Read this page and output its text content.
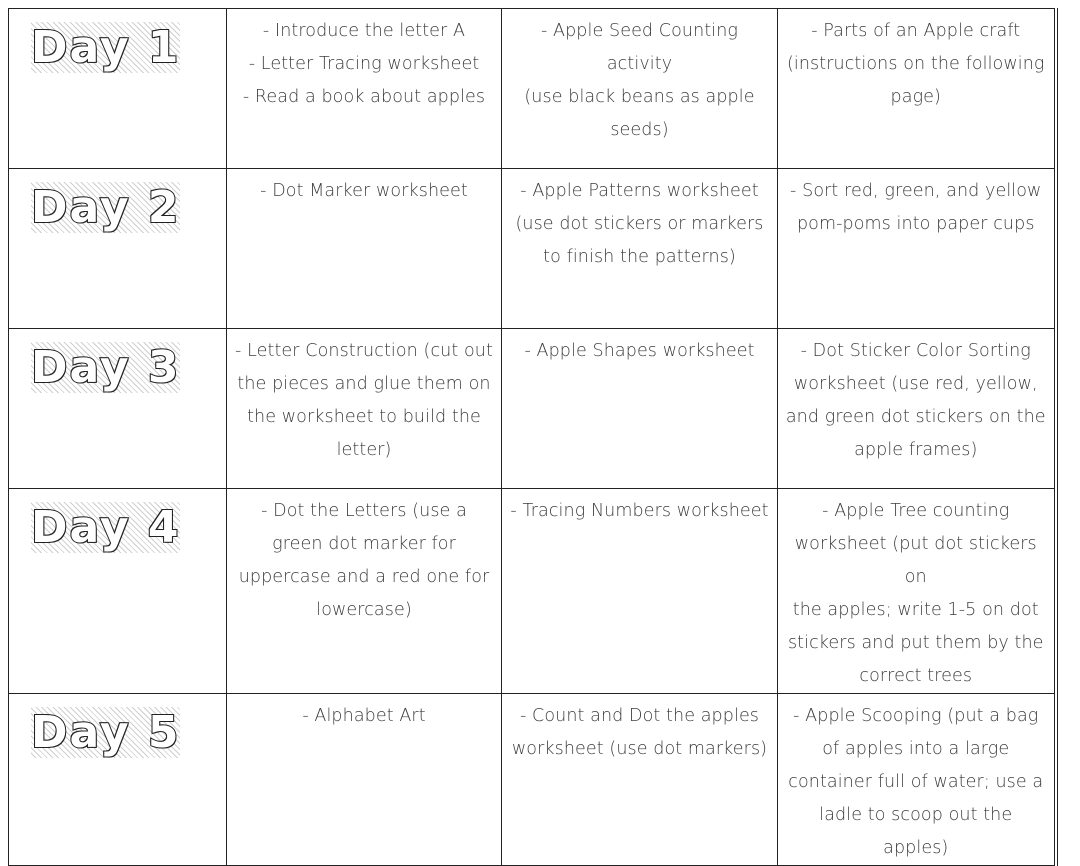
Day 1	- Introduce the letter A
- Letter Tracing worksheet
- Read a book about apples	- Apple Seed Counting
activity
(use black beans as apple
seeds)	- Parts of an Apple craft
(instructions on the following
page)

Day 2	- Dot Marker worksheet	- Apple Patterns worksheet
(use dot stickers or markers
to finish the patterns)	- Sort red, green, and yellow
pom-poms into paper cups

Day 3	- Letter Construction (cut out
the pieces and glue them on
the worksheet to build the
letter)	- Apple Shapes worksheet	- Dot Sticker Color Sorting
worksheet (use red, yellow,
and green dot stickers on the
apple frames)

Day 4	- Dot the Letters (use a
green dot marker for
uppercase and a red one for
lowercase)	- Tracing Numbers worksheet	- Apple Tree counting
worksheet (put dot stickers on
the apples; write 1-5 on dot
stickers and put them by the
correct trees

Day 5	- Alphabet Art	- Count and Dot the apples
worksheet (use dot markers)	- Apple Scooping (put a bag
of apples into a large
container full of water; use a
ladle to scoop out the apples)
